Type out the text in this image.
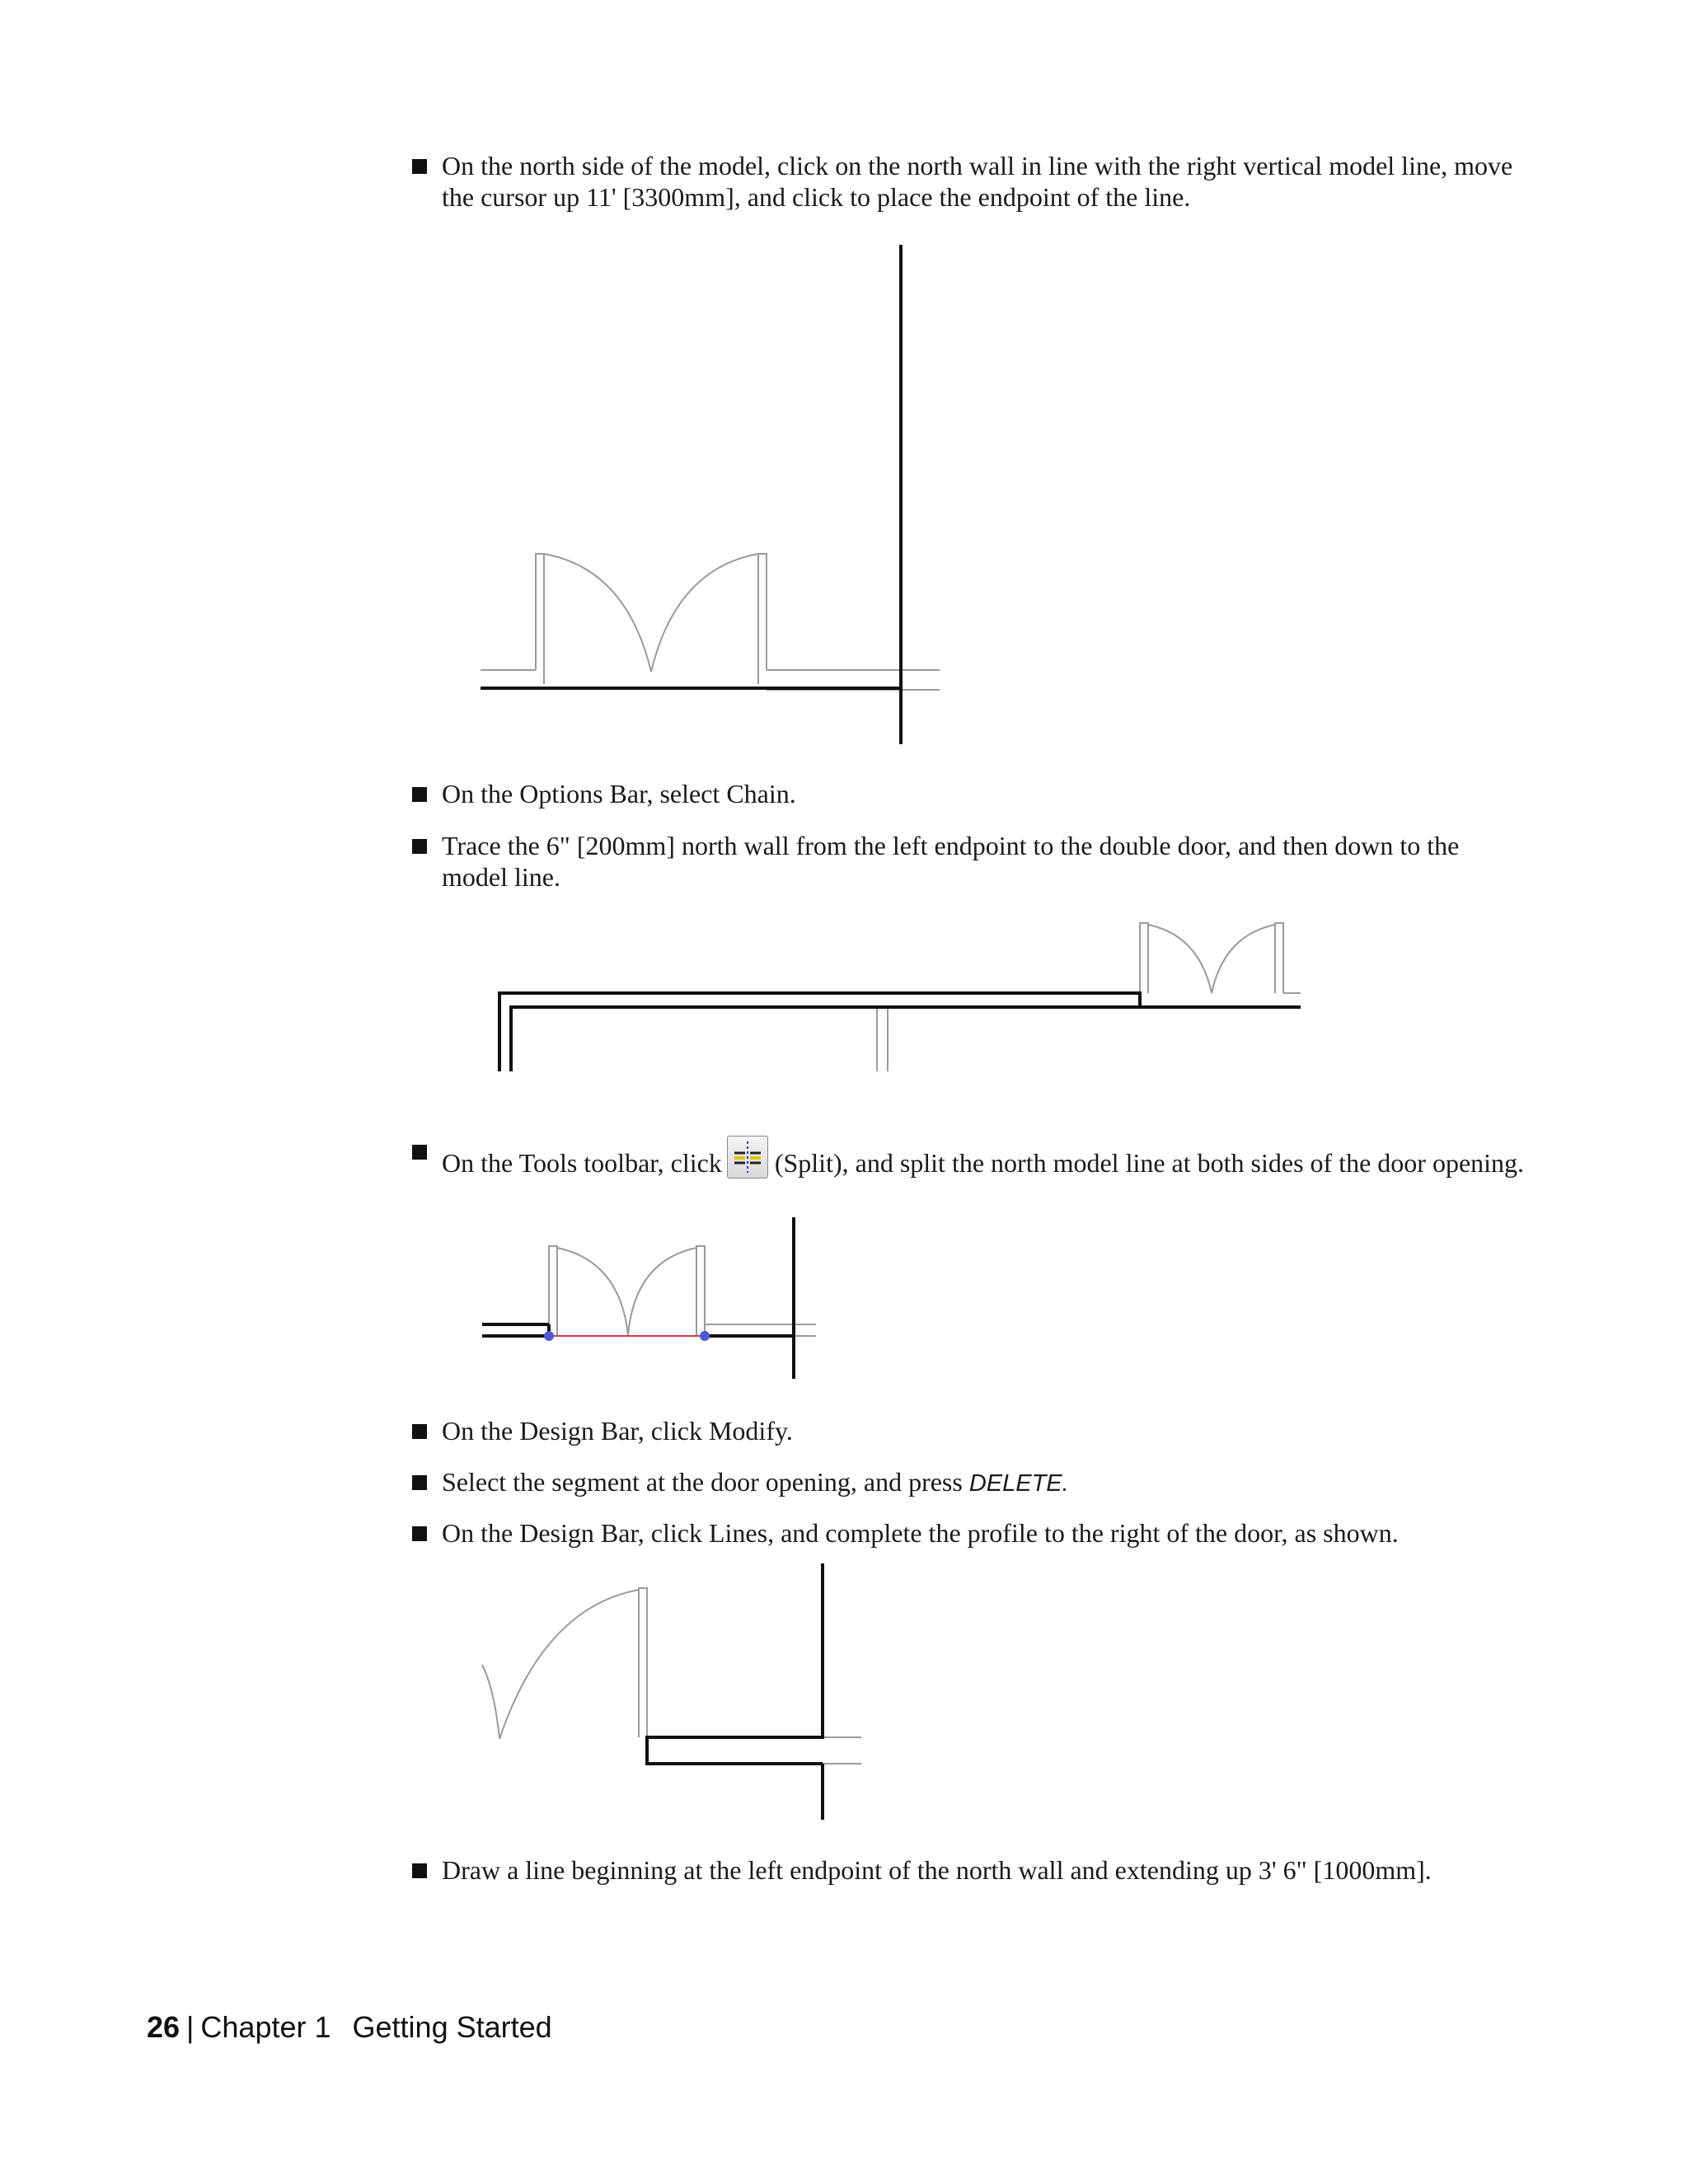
On the north side of the model, click on the north wall in line with the right vertical model line, move the cursor up 11' [3300mm], and click to place the endpoint of the line.
On the Options Bar, select Chain.
Trace the 6" [200mm] north wall from the left endpoint to the double door, and then down to the model line.
On the Tools toolbar, click (Split), and split the north model line at both sides of the door opening.
On the Design Bar, click Modify.
Select the segment at the door opening, and press DELETE.
On the Design Bar, click Lines, and complete the profile to the right of the door, as shown.
Draw a line beginning at the left endpoint of the north wall and extending up 3' 6" [1000mm].
26 | Chapter 1 Getting Started
